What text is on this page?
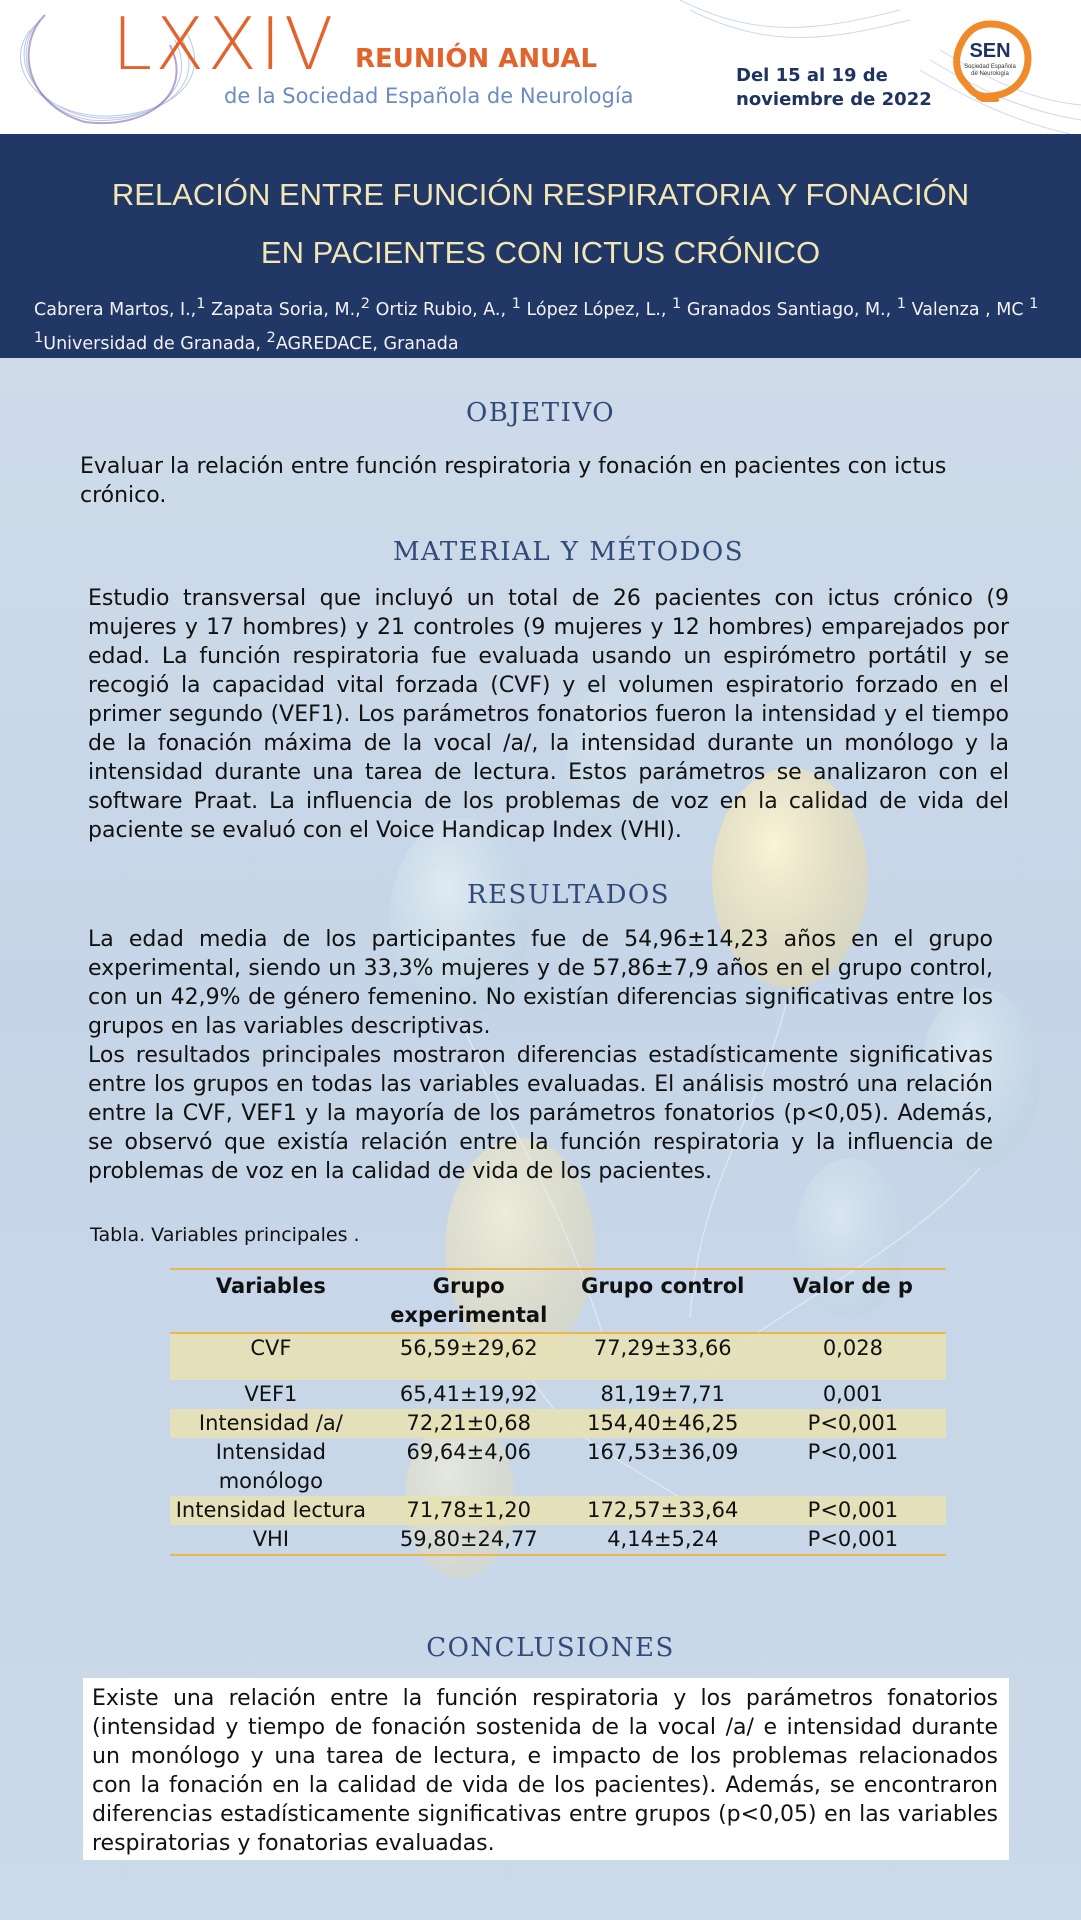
LXXIV REUNIÓN ANUAL
de la Sociedad Española de Neurología
Del 15 al 19 de
noviembre de 2022
SEN
Sociedad Española
de Neurología
RELACIÓN ENTRE FUNCIÓN RESPIRATORIA Y FONACIÓN
EN PACIENTES CON ICTUS CRÓNICO
Cabrera Martos, I.,$^1$ Zapata Soria, M.,$^2$ Ortiz Rubio, A., $^1$ López López, L., $^1$ Granados Santiago, M., $^1$ Valenza , MC $^1$
$^1$Universidad de Granada, $^2$AGREDACE, Granada
OBJETIVO
Evaluar la relación entre función respiratoria y fonación en pacientes con ictus crónico.
MATERIAL Y MÉTODOS
Estudio transversal que incluyó un total de 26 pacientes con ictus crónico (9 mujeres y 17 hombres) y 21 controles (9 mujeres y 12 hombres) emparejados por edad. La función respiratoria fue evaluada usando un espirómetro portátil y se recogió la capacidad vital forzada (CVF) y el volumen espiratorio forzado en el primer segundo (VEF1). Los parámetros fonatorios fueron la intensidad y el tiempo de la fonación máxima de la vocal /a/, la intensidad durante un monólogo y la intensidad durante una tarea de lectura. Estos parámetros se analizaron con el software Praat. La influencia de los problemas de voz en la calidad de vida del paciente se evaluó con el Voice Handicap Index (VHI).
RESULTADOS
La edad media de los participantes fue de 54,96±14,23 años en el grupo experimental, siendo un 33,3% mujeres y de 57,86±7,9 años en el grupo control, con un 42,9% de género femenino. No existían diferencias significativas entre los grupos en las variables descriptivas.
Los resultados principales mostraron diferencias estadísticamente significativas entre los grupos en todas las variables evaluadas. El análisis mostró una relación entre la CVF, VEF1 y la mayoría de los parámetros fonatorios (p<0,05). Además, se observó que existía relación entre la función respiratoria y la influencia de problemas de voz en la calidad de vida de los pacientes.
Tabla. Variables principales .
Variables	Grupo experimental	Grupo control	Valor de p
CVF	56,59±29,62	77,29±33,66	0,028
VEF1	65,41±19,92	81,19±7,71	0,001
Intensidad /a/	72,21±0,68	154,40±46,25	P<0,001
Intensidad monólogo	69,64±4,06	167,53±36,09	P<0,001
Intensidad lectura	71,78±1,20	172,57±33,64	P<0,001
VHI	59,80±24,77	4,14±5,24	P<0,001
CONCLUSIONES
Existe una relación entre la función respiratoria y los parámetros fonatorios (intensidad y tiempo de fonación sostenida de la vocal /a/ e intensidad durante un monólogo y una tarea de lectura, e impacto de los problemas relacionados con la fonación en la calidad de vida de los pacientes). Además, se encontraron diferencias estadísticamente significativas entre grupos (p<0,05) en las variables respiratorias y fonatorias evaluadas.
